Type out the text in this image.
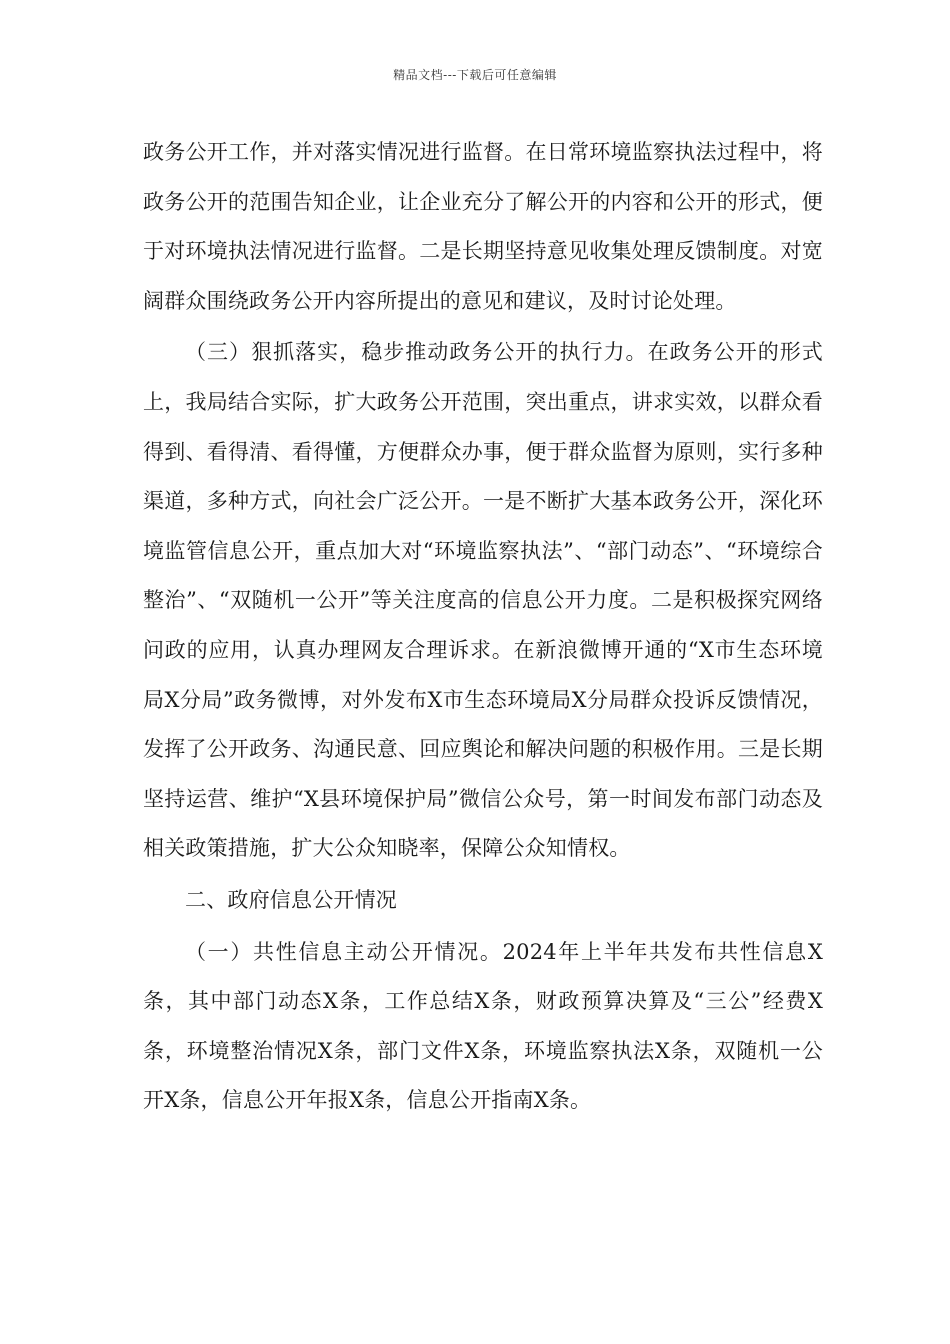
精品文档---下载后可任意编辑

政务公开工作，并对落实情况进行监督。在日常环境监察执法过程中，将政务公开的范围告知企业，让企业充分了解公开的内容和公开的形式，便于对环境执法情况进行监督。二是长期坚持意见收集处理反馈制度。对宽阔群众围绕政务公开内容所提出的意见和建议，及时讨论处理。

（三）狠抓落实，稳步推动政务公开的执行力。在政务公开的形式上，我局结合实际，扩大政务公开范围，突出重点，讲求实效，以群众看得到、看得清、看得懂，方便群众办事，便于群众监督为原则，实行多种渠道，多种方式，向社会广泛公开。一是不断扩大基本政务公开，深化环境监管信息公开，重点加大对“环境监察执法”、“部门动态”、“环境综合整治”、“双随机一公开”等关注度高的信息公开力度。二是积极探究网络问政的应用，认真办理网友合理诉求。在新浪微博开通的“X市生态环境局X分局”政务微博，对外发布X市生态环境局X分局群众投诉反馈情况，发挥了公开政务、沟通民意、回应舆论和解决问题的积极作用。三是长期坚持运营、维护“X县环境保护局”微信公众号，第一时间发布部门动态及相关政策措施，扩大公众知晓率，保障公众知情权。

二、政府信息公开情况

（一）共性信息主动公开情况。2024年上半年共发布共性信息X条，其中部门动态X条，工作总结X条，财政预算决算及“三公”经费X条，环境整治情况X条，部门文件X条，环境监察执法X条，双随机一公开X条，信息公开年报X条，信息公开指南X条。
